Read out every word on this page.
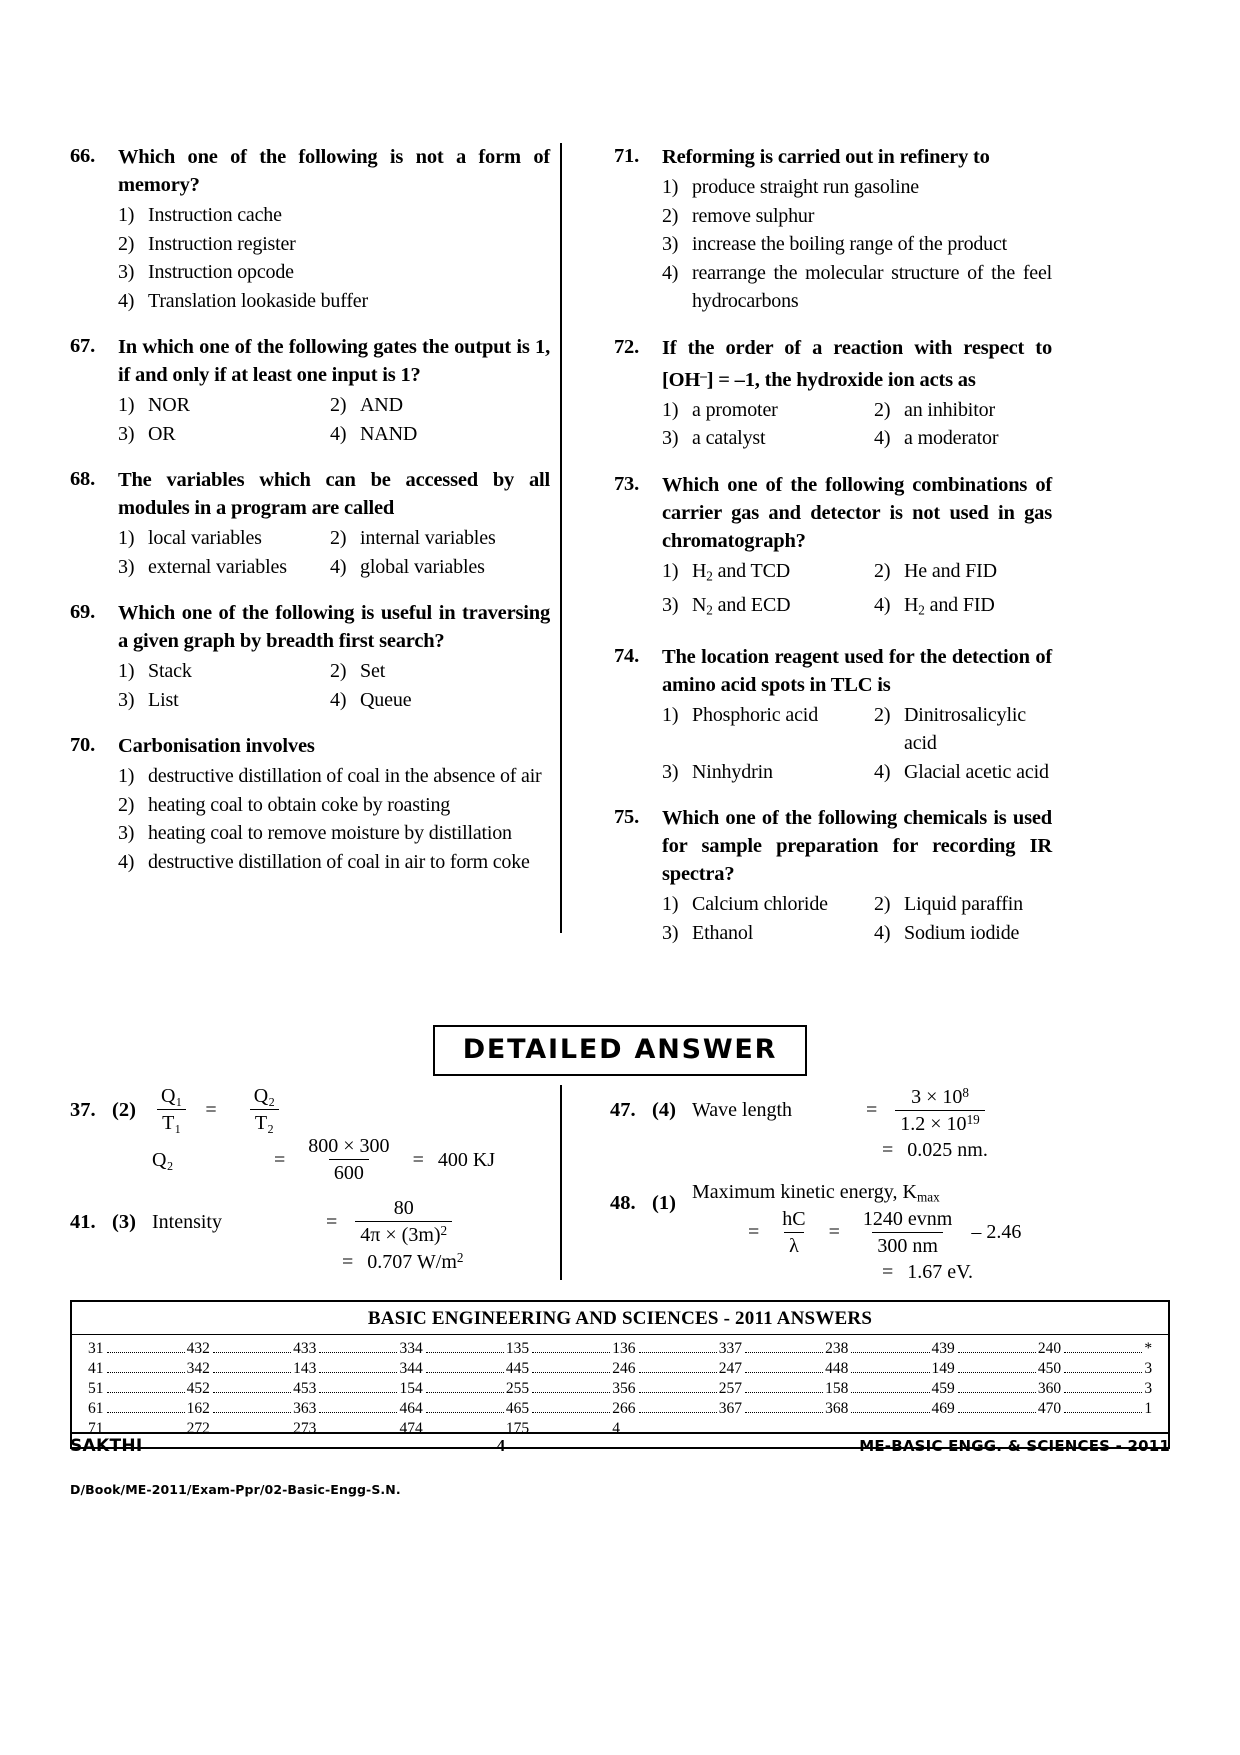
66.	Which one of the following is not a form of memory?
1) Instruction cache
2) Instruction register
3) Instruction opcode
4) Translation lookaside buffer
67.	In which one of the following gates the output is 1, if and only if at least one input is 1?
1) NOR	2) AND
3) OR	4) NAND
68.	The variables which can be accessed by all modules in a program are called
1) local variables	2) internal variables
3) external variables	4) global variables
69.	Which one of the following is useful in traversing a given graph by breadth first search?
1) Stack	2) Set
3) List	4) Queue
70.	Carbonisation involves
1) destructive distillation of coal in the absence of air
2) heating coal to obtain coke by roasting
3) heating coal to remove moisture by distillation
4) destructive distillation of coal in air to form coke
71.	Reforming is carried out in refinery to
1) produce straight run gasoline
2) remove sulphur
3) increase the boiling range of the product
4) rearrange the molecular structure of the feel hydrocarbons
72.	If the order of a reaction with respect to [OH–] = –1, the hydroxide ion acts as
1) a promoter	2) an inhibitor
3) a catalyst	4) a moderator
73.	Which one of the following combinations of carrier gas and detector is not used in gas chromatograph?
1) $H_2$ and TCD	2) He and FID
3) $N_2$ and ECD	4) $H_2$ and FID
74.	The location reagent used for the detection of amino acid spots in TLC is
1) Phosphoric acid	2) Dinitrosalicylic acid
3) Ninhydrin	4) Glacial acetic acid
75.	Which one of the following chemicals is used for sample preparation for recording IR spectra?
1) Calcium chloride	2) Liquid paraffin
3) Ethanol	4) Sodium iodide
DETAILED ANSWER
37. (2)	$\frac{\text{Q₁}}{\text{T₁}} = \frac{\text{Q₂}}{\text{T₂}}$
Q₂	= $\frac{800 \times 300}{600} = 400$ KJ
41. (3) Intensity	= $\frac{80}{4\pi \times (3m)^2}$

= 0.707 $W/m^2$
47. (4) Wave length	= $\frac{3 \times 10^8}{1.2 \times 10^{19}}$

= 0.025 nm.
48. (1)
Maximum kinetic energy, $K_{max}$

= $\frac{hC}{\lambda} = \frac{\text{1240 evnm}}{300 nm} - 2.46$

= 1.67 eV.
BASIC ENGINEERING AND SCIENCES - 2011 ANSWERS
31	4 32	4 33	3 34	1 35	1 36	3 37	2 38	4 39	2 40	*
41	3 42	1 43	3 44	4 45	2 46	2 47	4 48	1 49	4 50	3
51	4 52	4 53	1 54	2 55	3 56	2 57	1 58	4 59	3 60	3
61	1 62	3 63	4 64	4 65	2 66	3 67	3 68	4 69	4 70	1
71	2 72	2 73	4 74	1 75	4
SAKTHI	4	ME-BASIC ENGG. & SCIENCES - 2011
D/Book/ME-2011/Exam-Ppr/02-Basic-Engg-S.N.
